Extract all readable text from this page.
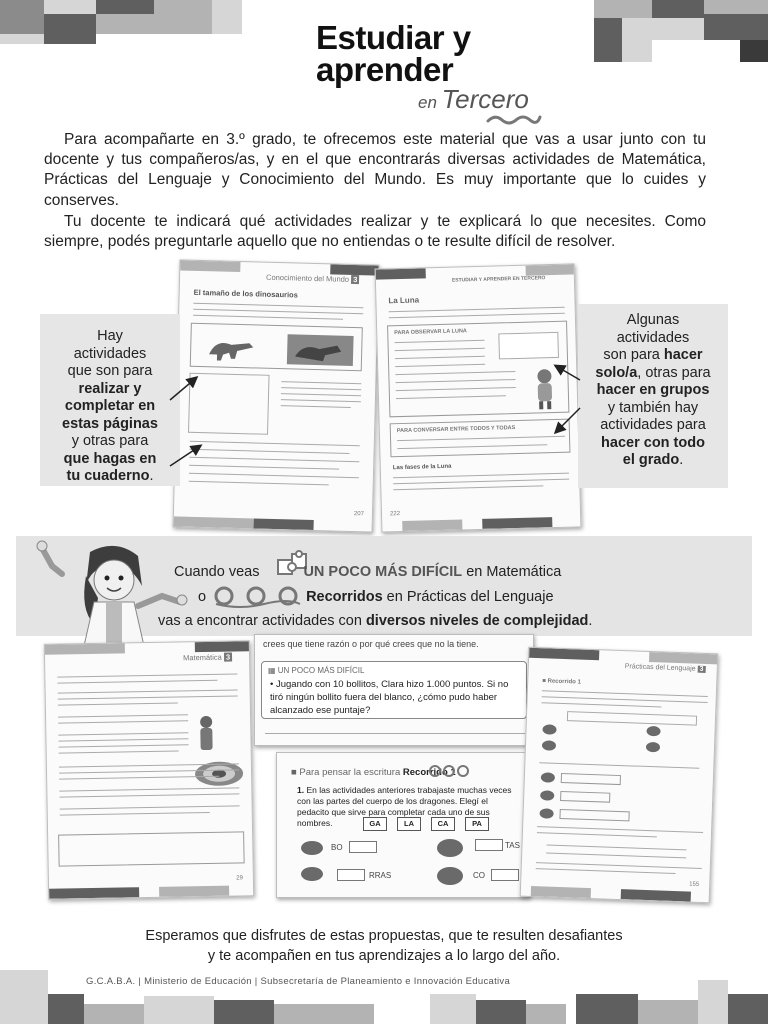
Estudiar y
aprender
en Tercero

Para acompañarte en 3.º grado, te ofrecemos este material que vas a usar junto con tu docente y tus compañeros/as, y en el que encontrarás diversas actividades de Matemática, Prácticas del Lenguaje y Conocimiento del Mundo. Es muy importante que lo cuides y conserves.

Tu docente te indicará qué actividades realizar y te explicará lo que necesites. Como siempre, podés preguntarle aquello que no entiendas o te resulte difícil de resolver.

Conocimiento del Mundo 3
El tamaño de los dinosaurios
207
ESTUDIAR Y APRENDER EN TERCERO
La Luna
PARA OBSERVAR LA LUNA
PARA CONVERSAR ENTRE TODOS Y TODAS
Las fases de la Luna
222
Hay
actividades
que son para
realizar y
completar en
estas páginas
y otras para
que hagas en
tu cuaderno.
Algunas
actividades
son para hacer
solo/a, otras para
hacer en grupos
y también hay
actividades para
hacer con todo
el grado.
Cuando veas	UN POCO MÁS DIFÍCIL en Matemática
o	Recorridos en Prácticas del Lenguaje
vas a encontrar actividades con diversos niveles de complejidad.
Matemática 3
29
crees que tiene razón o por qué crees que no la tiene.
▦ UN POCO MÁS DIFÍCIL
• Jugando con 10 bollitos, Clara hizo 1.000 puntos. Si no tiró ningún bollito fuera del blanco, ¿cómo pudo haber alcanzado ese puntaje?
■ Para pensar la escritura Recorrido 1
1. En las actividades anteriores trabajaste muchas veces con las partes del cuerpo de los dragones. Elegí el pedacito que sirve para completar cada uno de sus nombres.	GA	LA	CA	PA
BO	TAS
RRAS	CO
Prácticas del Lenguaje 3
■ Recorrido 1
155
Esperamos que disfrutes de estas propuestas, que te resulten desafiantes
y te acompañen en tus aprendizajes a lo largo del año.
G.C.A.B.A. | Ministerio de Educación | Subsecretaría de Planeamiento e Innovación Educativa
